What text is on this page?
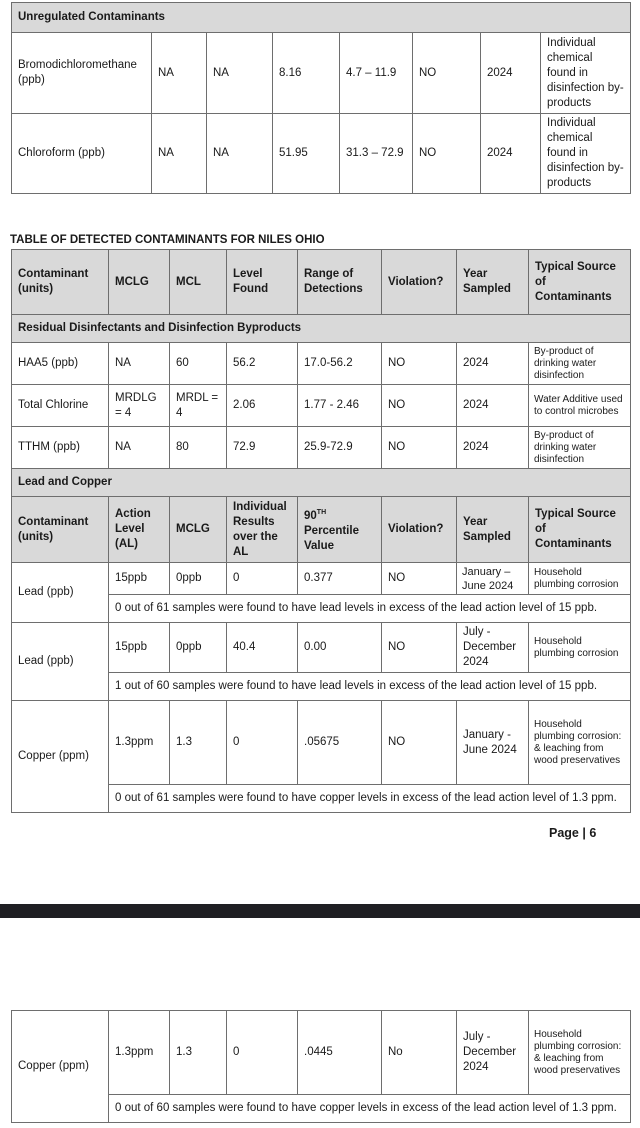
Unregulated Contaminants							
Bromodichloromethane (ppb)	NA	NA	8.16	4.7 – 11.9	NO	2024	Individual chemical found in disinfection by-products
Chloroform (ppb)	NA	NA	51.95	31.3 – 72.9	NO	2024	Individual chemical found in disinfection by-products
TABLE OF DETECTED CONTAMINANTS FOR NILES OHIO
Contaminant (units)	MCLG	MCL	Level Found	Range of Detections	Violation?	Year Sampled	Typical Source of Contaminants
Residual Disinfectants and Disinfection Byproducts							
HAA5 (ppb)	NA	60	56.2	17.0-56.2	NO	2024	By-product of drinking water disinfection
Total Chlorine	MRDLG = 4	MRDL = 4	2.06	1.77 - 2.46	NO	2024	Water Additive used to control microbes
TTHM (ppb)	NA	80	72.9	25.9-72.9	NO	2024	By-product of drinking water disinfection
Lead and Copper							
Contaminant (units)	Action Level (AL)	MCLG	Individual Results over the AL	90TH Percentile Value	Violation?	Year Sampled	Typical Source of Contaminants
Lead (ppb)	15ppb	0ppb	0	0.377	NO	January – June 2024	Household plumbing corrosion
	0 out of 61 samples were found to have lead levels in excess of the lead action level of 15 ppb.						
Lead (ppb)	15ppb	0ppb	40.4	0.00	NO	July - December 2024	Household plumbing corrosion
	1 out of 60 samples were found to have lead levels in excess of the lead action level of 15 ppb.						
Copper (ppm)	1.3ppm	1.3	0	.05675	NO	January - June 2024	Household plumbing corrosion: & leaching from wood preservatives
	0 out of 61 samples were found to have copper levels in excess of the lead action level of 1.3 ppm.						
Page | 6
Copper (ppm)	1.3ppm	1.3	0	.0445	No	July - December 2024	Household plumbing corrosion: & leaching from wood preservatives
0 out of 60 samples were found to have copper levels in excess of the lead action level of 1.3 ppm.
